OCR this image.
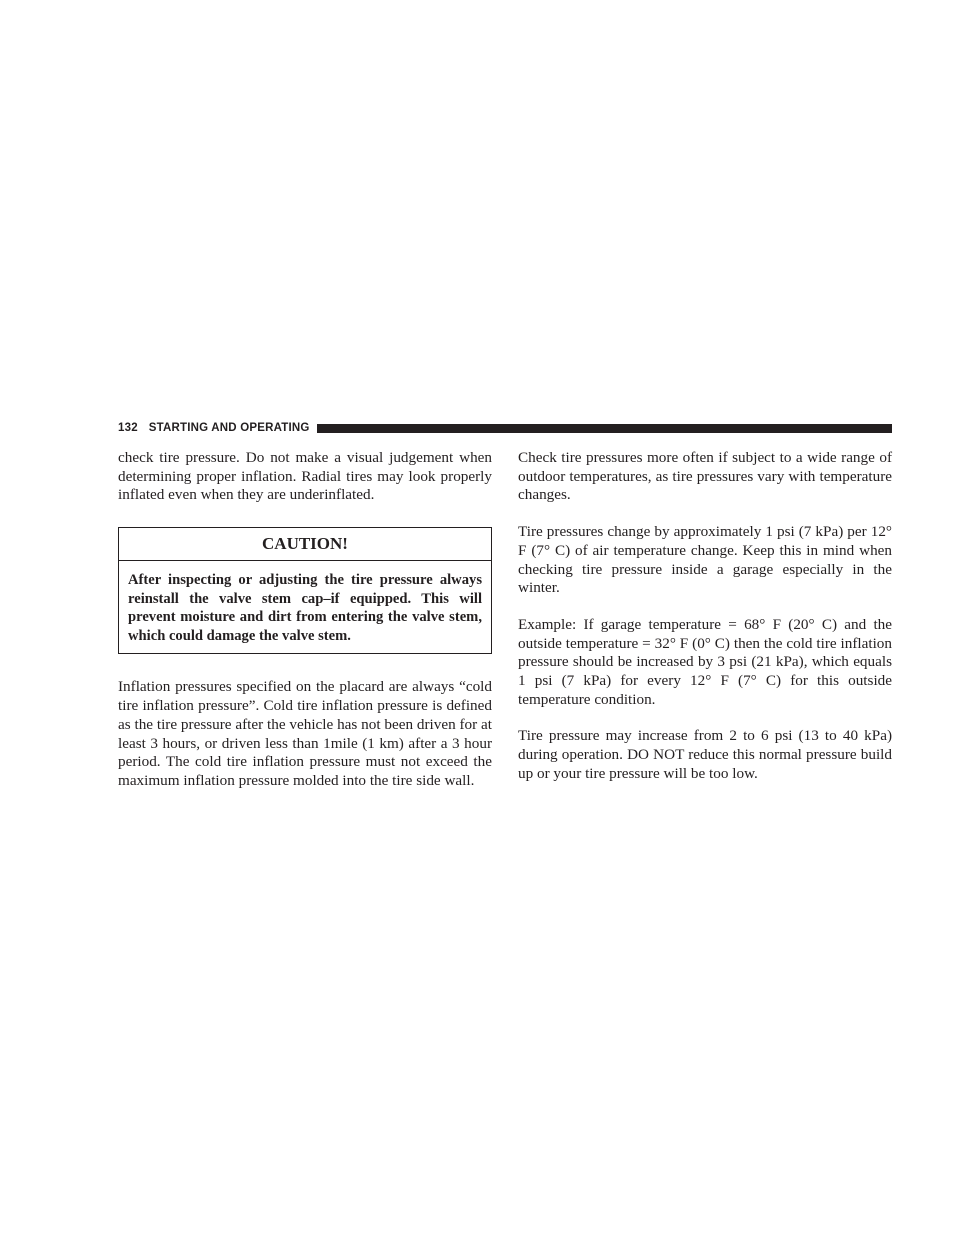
132 STARTING AND OPERATING

check tire pressure. Do not make a visual judgement when determining proper inflation. Radial tires may look properly inflated even when they are underinflated.

CAUTION!
After inspecting or adjusting the tire pressure always reinstall the valve stem cap–if equipped. This will prevent moisture and dirt from entering the valve stem, which could damage the valve stem.

Inflation pressures specified on the placard are always “cold tire inflation pressure”. Cold tire inflation pressure is defined as the tire pressure after the vehicle has not been driven for at least 3 hours, or driven less than 1mile (1 km) after a 3 hour period. The cold tire inflation pressure must not exceed the maximum inflation pressure molded into the tire side wall.

Check tire pressures more often if subject to a wide range of outdoor temperatures, as tire pressures vary with temperature changes.

Tire pressures change by approximately 1 psi (7 kPa) per 12° F (7° C) of air temperature change. Keep this in mind when checking tire pressure inside a garage especially in the winter.

Example: If garage temperature = 68° F (20° C) and the outside temperature = 32° F (0° C) then the cold tire inflation pressure should be increased by 3 psi (21 kPa), which equals 1 psi (7 kPa) for every 12° F (7° C) for this outside temperature condition.

Tire pressure may increase from 2 to 6 psi (13 to 40 kPa) during operation. DO NOT reduce this normal pressure build up or your tire pressure will be too low.
